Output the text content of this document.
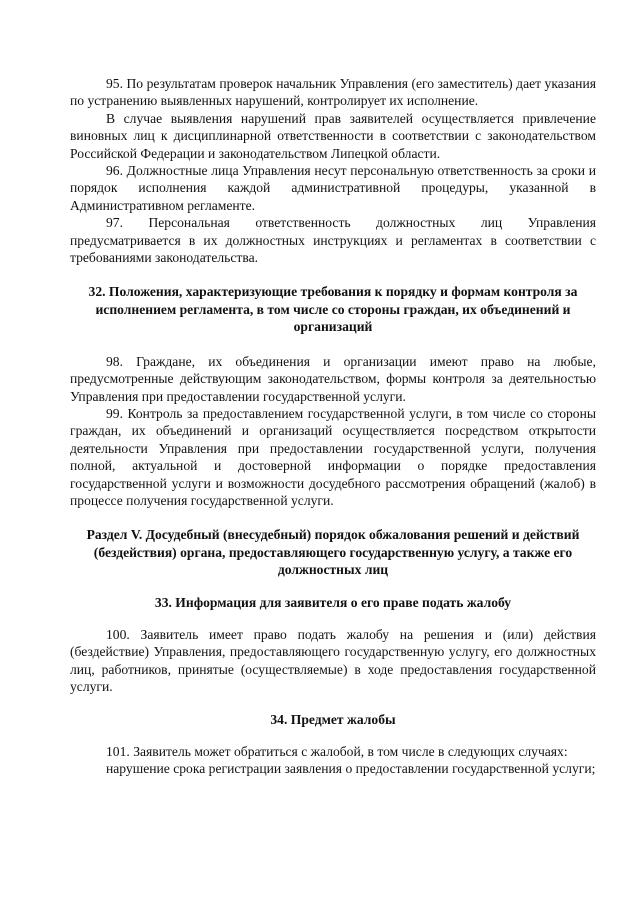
95. По результатам проверок начальник Управления (его заместитель) дает указания по устранению выявленных нарушений, контролирует их исполнение.

В случае выявления нарушений прав заявителей осуществляется привлечение виновных лиц к дисциплинарной ответственности в соответствии с законодательством Российской Федерации и законодательством Липецкой области.

96. Должностные лица Управления несут персональную ответственность за сроки и порядок исполнения каждой административной процедуры, указанной в Административном регламенте.

97. Персональная ответственность должностных лиц Управления предусматривается в их должностных инструкциях и регламентах в соответствии с требованиями законодательства.

32. Положения, характеризующие требования к порядку и формам контроля за исполнением регламента, в том числе со стороны граждан, их объединений и организаций

98. Граждане, их объединения и организации имеют право на любые, предусмотренные действующим законодательством, формы контроля за деятельностью Управления при предоставлении государственной услуги.

99. Контроль за предоставлением государственной услуги, в том числе со стороны граждан, их объединений и организаций осуществляется посредством открытости деятельности Управления при предоставлении государственной услуги, получения полной, актуальной и достоверной информации о порядке предоставления государственной услуги и возможности досудебного рассмотрения обращений (жалоб) в процессе получения государственной услуги.

Раздел V. Досудебный (внесудебный) порядок обжалования решений и действий (бездействия) органа, предоставляющего государственную услугу, а также его должностных лиц
33. Информация для заявителя о его праве подать жалобу

100. Заявитель имеет право подать жалобу на решения и (или) действия (бездействие) Управления, предоставляющего государственную услугу, его должностных лиц, работников, принятые (осуществляемые) в ходе предоставления государственной услуги.

34. Предмет жалобы

101. Заявитель может обратиться с жалобой, в том числе в следующих случаях:

нарушение срока регистрации заявления о предоставлении государственной услуги;
